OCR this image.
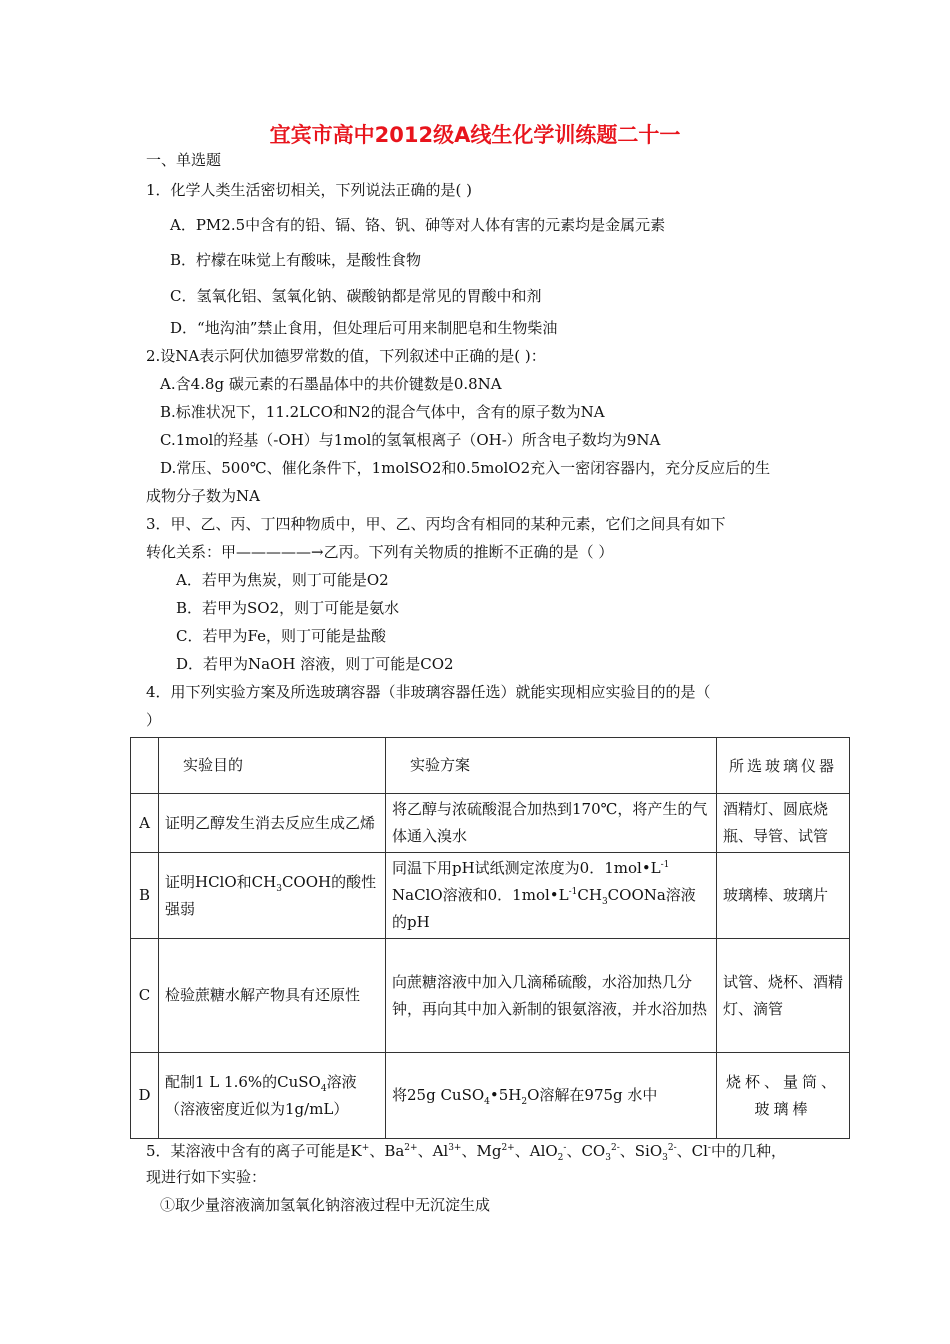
宜宾市高中2012级A线生化学训练题二十一
一、单选题
1．化学人类生活密切相关，下列说法正确的是( )
A．PM2.5中含有的铅、镉、铬、钒、砷等对人体有害的元素均是金属元素
B．柠檬在味觉上有酸味，是酸性食物
C．氢氧化铝、氢氧化钠、碳酸钠都是常见的胃酸中和剂
D．“地沟油”禁止食用，但处理后可用来制肥皂和生物柴油
2.设NA表示阿伏加德罗常数的值，下列叙述中正确的是( )：
A.含4.8g 碳元素的石墨晶体中的共价键数是0.8NA
B.标准状况下，11.2LCO和N2的混合气体中，含有的原子数为NA
C.1mol的羟基（-OH）与1mol的氢氧根离子（OH-）所含电子数均为9NA
D.常压、500℃、催化条件下，1molSO2和0.5molO2充入一密闭容器内，充分反应后的生
成物分子数为NA
3．甲、乙、丙、丁四种物质中，甲、乙、丙均含有相同的某种元素，它们之间具有如下
转化关系：甲—————→乙丙。下列有关物质的推断不正确的是（ ）
A．若甲为焦炭，则丁可能是O2
B．若甲为SO2，则丁可能是氨水
C．若甲为Fe，则丁可能是盐酸
D．若甲为NaOH 溶液，则丁可能是CO2
4．用下列实验方案及所选玻璃容器（非玻璃容器任选）就能实现相应实验目的的是（
）
	实验目的	实验方案	所选玻璃仪器
A	证明乙醇发生消去反应生成乙烯	将乙醇与浓硫酸混合加热到170℃，将产生的气体通入溴水	酒精灯、圆底烧瓶、导管、试管
B	证明HClO和$CH_3COOH$的酸性强弱	同温下用pH试纸测定浓度为0．$1mol•L^{-1}$ NaClO溶液和0．$1mol•L^{-1}CH_3COONa$溶液的pH	玻璃棒、玻璃片
C	检验蔗糖水解产物具有还原性	向蔗糖溶液中加入几滴稀硫酸，水浴加热几分钟，再向其中加入新制的银氨溶液，并水浴加热	试管、烧杯、酒精灯、滴管
D	配制1 L 1.6%的CuSO$_4$溶液（溶液密度近似为1g/mL）	将25g $CuSO_4•5H_2O$溶解在975g 水中	烧杯、量筒、玻璃棒
5．某溶液中含有的离子可能是K+、$Ba^{2+}$、$Al^{3+}$、$Mg^{2+}$、AlO$_2$-、$CO_3^{2-}$、SiO$_3^{2-}$、Cl-中的几种，
现进行如下实验：
①取少量溶液滴加氢氧化钠溶液过程中无沉淀生成
